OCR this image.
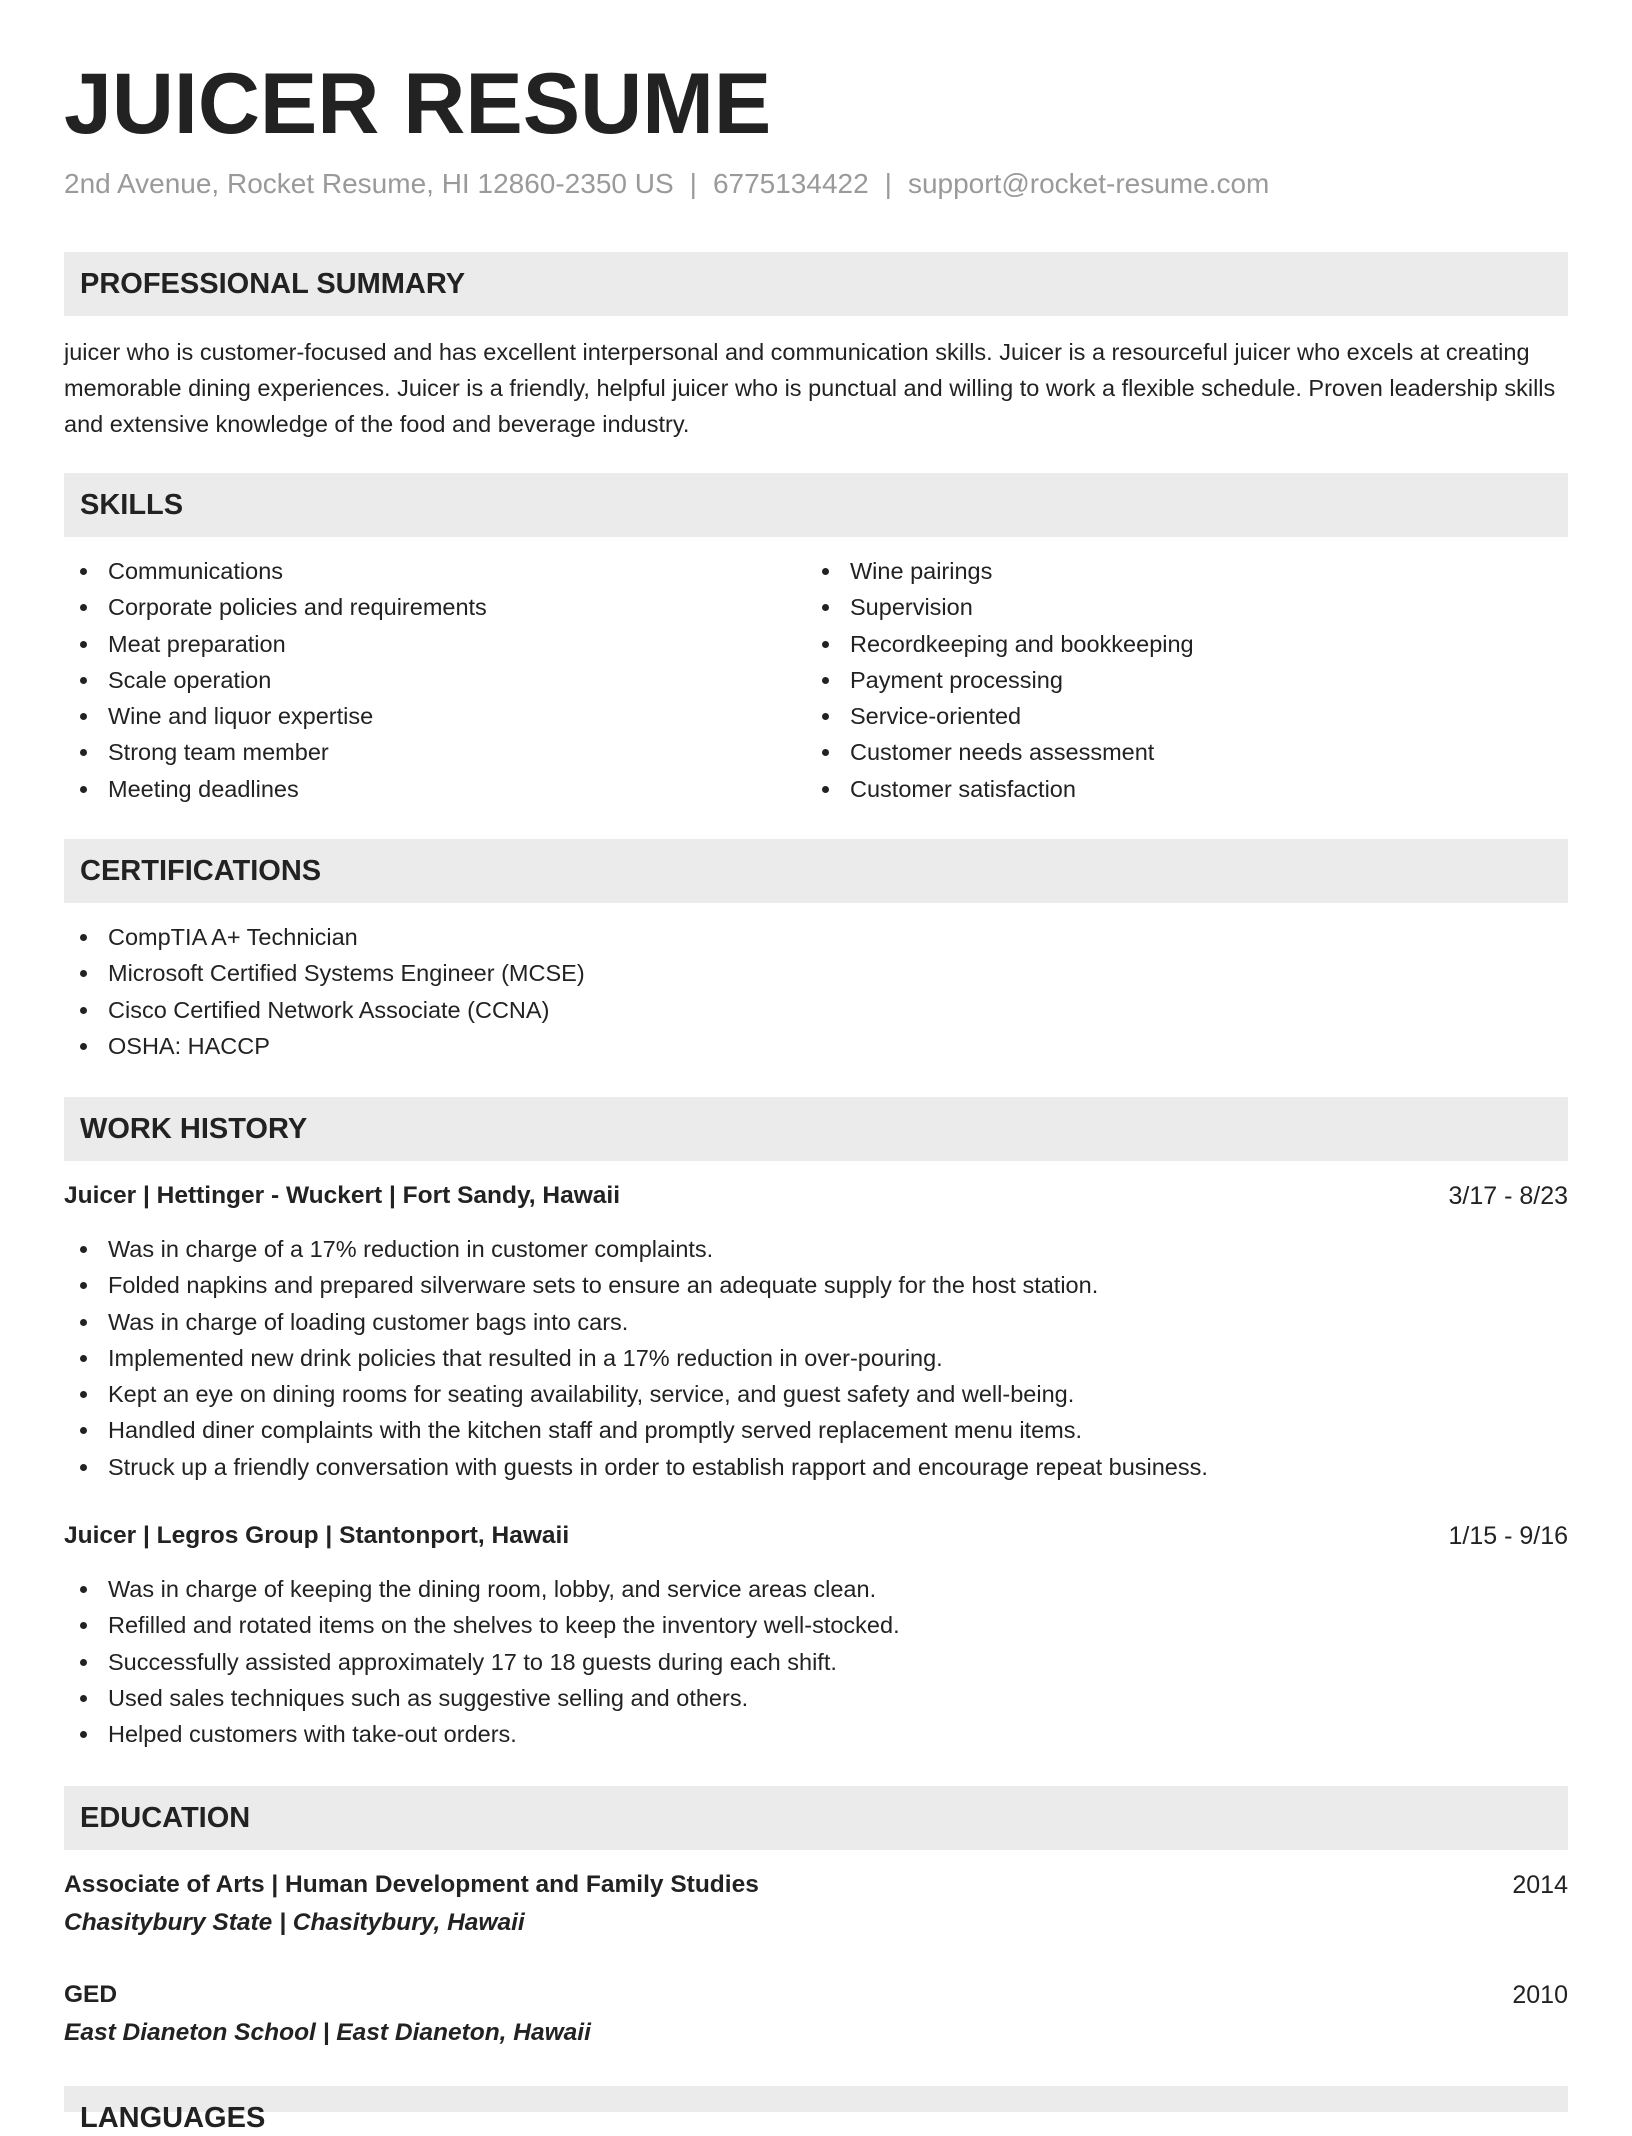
JUICER RESUME
2nd Avenue, Rocket Resume, HI 12860-2350 US | 6775134422 | support@rocket-resume.com
PROFESSIONAL SUMMARY

juicer who is customer-focused and has excellent interpersonal and communication skills. Juicer is a resourceful juicer who excels at creating memorable dining experiences. Juicer is a friendly, helpful juicer who is punctual and willing to work a flexible schedule. Proven leadership skills and extensive knowledge of the food and beverage industry.

SKILLS
Communications
Corporate policies and requirements
Meat preparation
Scale operation
Wine and liquor expertise
Strong team member
Meeting deadlines
Wine pairings
Supervision
Recordkeeping and bookkeeping
Payment processing
Service-oriented
Customer needs assessment
Customer satisfaction
CERTIFICATIONS
CompTIA A+ Technician
Microsoft Certified Systems Engineer (MCSE)
Cisco Certified Network Associate (CCNA)
OSHA: HACCP
WORK HISTORY
Juicer | Hettinger - Wuckert | Fort Sandy, Hawaii	3/17 - 8/23
Was in charge of a 17% reduction in customer complaints.
Folded napkins and prepared silverware sets to ensure an adequate supply for the host station.
Was in charge of loading customer bags into cars.
Implemented new drink policies that resulted in a 17% reduction in over-pouring.
Kept an eye on dining rooms for seating availability, service, and guest safety and well-being.
Handled diner complaints with the kitchen staff and promptly served replacement menu items.
Struck up a friendly conversation with guests in order to establish rapport and encourage repeat business.
Juicer | Legros Group | Stantonport, Hawaii	1/15 - 9/16
Was in charge of keeping the dining room, lobby, and service areas clean.
Refilled and rotated items on the shelves to keep the inventory well-stocked.
Successfully assisted approximately 17 to 18 guests during each shift.
Used sales techniques such as suggestive selling and others.
Helped customers with take-out orders.
EDUCATION
Associate of Arts | Human Development and Family Studies	2014
Chasitybury State | Chasitybury, Hawaii
GED	2010
East Dianeton School | East Dianeton, Hawaii
LANGUAGES
